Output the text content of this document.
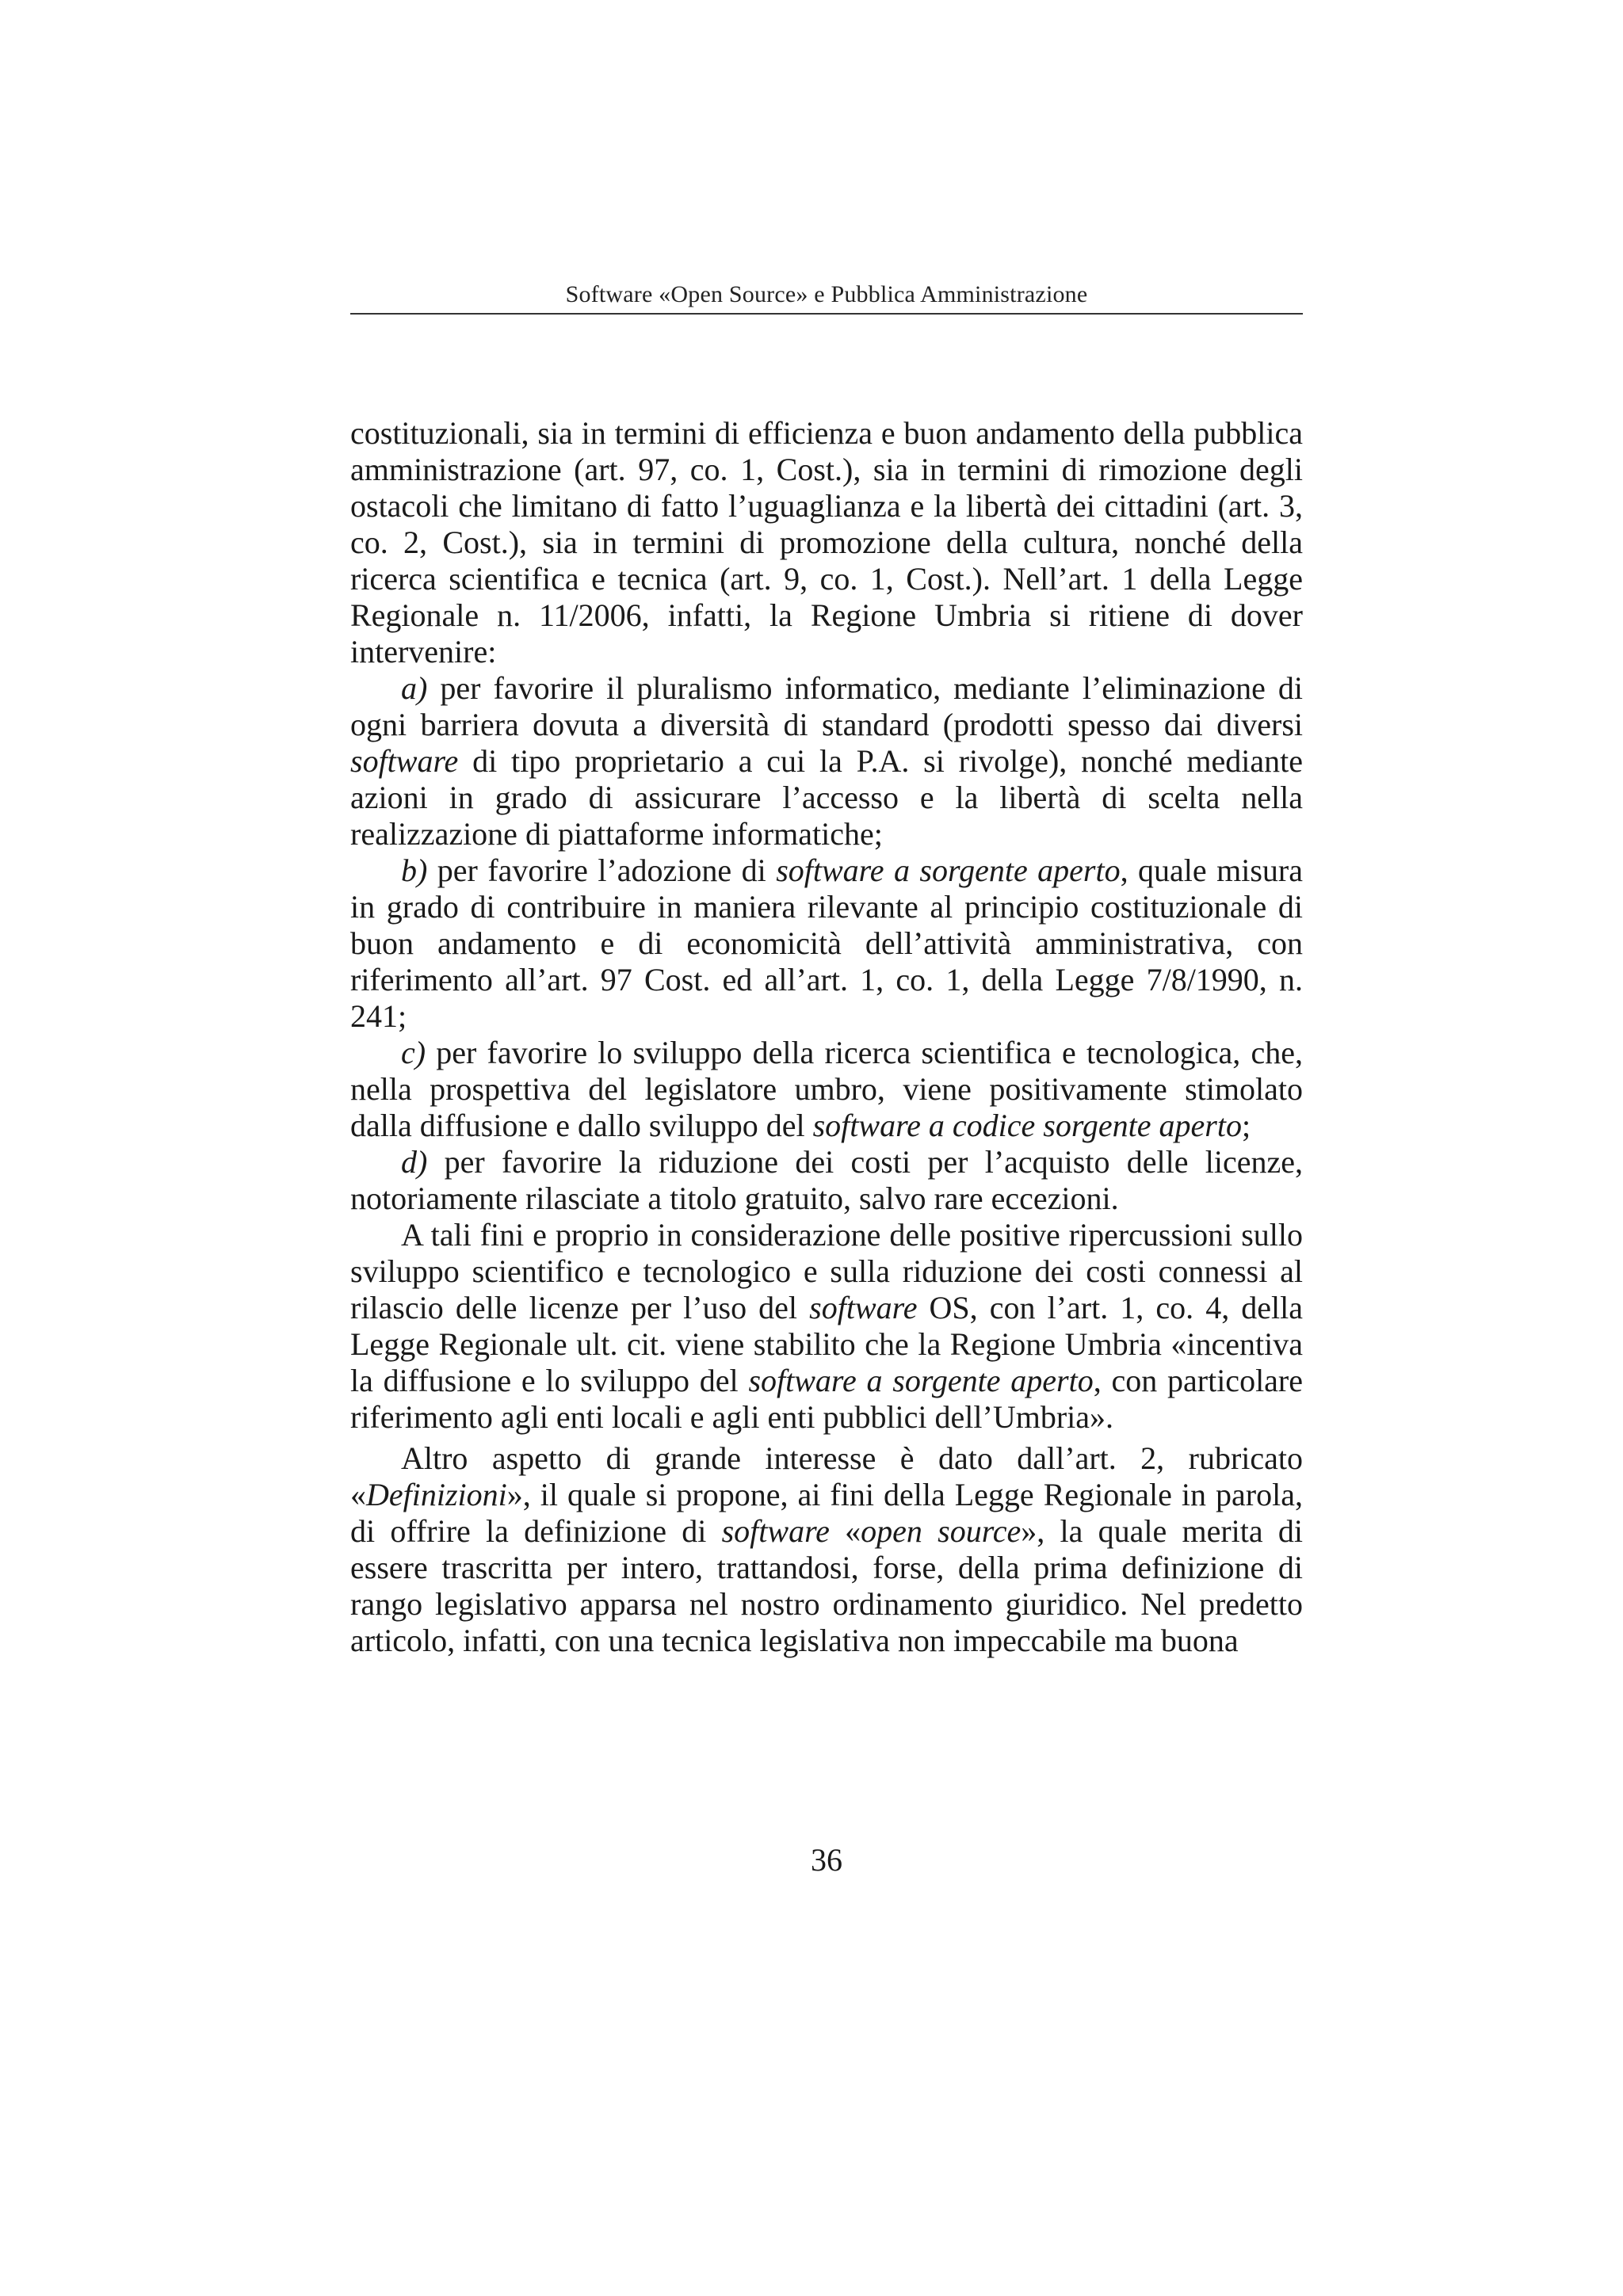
Software «Open Source» e Pubblica Amministrazione

costituzionali, sia in termini di efficienza e buon andamento della pubblica amministrazione (art. 97, co. 1, Cost.), sia in termini di rimozione degli ostacoli che limitano di fatto l’uguaglianza e la libertà dei cittadini (art. 3, co. 2, Cost.), sia in termini di promozione della cultura, nonché della ricerca scientifica e tecnica (art. 9, co. 1, Cost.). Nell’art. 1 della Legge Regionale n. 11/2006, infatti, la Regione Umbria si ritiene di dover intervenire:

a) per favorire il pluralismo informatico, mediante l’eliminazione di ogni barriera dovuta a diversità di standard (prodotti spesso dai diversi software di tipo proprietario a cui la P.A. si rivolge), nonché mediante azioni in grado di assicurare l’accesso e la libertà di scelta nella realizzazione di piattaforme informatiche;

b) per favorire l’adozione di software a sorgente aperto, quale misura in grado di contribuire in maniera rilevante al principio costituzionale di buon andamento e di economicità dell’attività amministrativa, con riferimento all’art. 97 Cost. ed all’art. 1, co. 1, della Legge 7/8/1990, n. 241;

c) per favorire lo sviluppo della ricerca scientifica e tecnologica, che, nella prospettiva del legislatore umbro, viene positivamente stimolato dalla diffusione e dallo sviluppo del software a codice sorgente aperto;

d) per favorire la riduzione dei costi per l’acquisto delle licenze, notoriamente rilasciate a titolo gratuito, salvo rare eccezioni.

A tali fini e proprio in considerazione delle positive ripercussioni sullo sviluppo scientifico e tecnologico e sulla riduzione dei costi connessi al rilascio delle licenze per l’uso del software OS, con l’art. 1, co. 4, della Legge Regionale ult. cit. viene stabilito che la Regione Umbria «incentiva la diffusione e lo sviluppo del software a sorgente aperto, con particolare riferimento agli enti locali e agli enti pubblici dell’Umbria».

Altro aspetto di grande interesse è dato dall’art. 2, rubricato «Definizioni», il quale si propone, ai fini della Legge Regionale in parola, di offrire la definizione di software «open source», la quale merita di essere trascritta per intero, trattandosi, forse, della prima definizione di rango legislativo apparsa nel nostro ordinamento giuridico. Nel predetto articolo, infatti, con una tecnica legislativa non impeccabile ma buona

36
